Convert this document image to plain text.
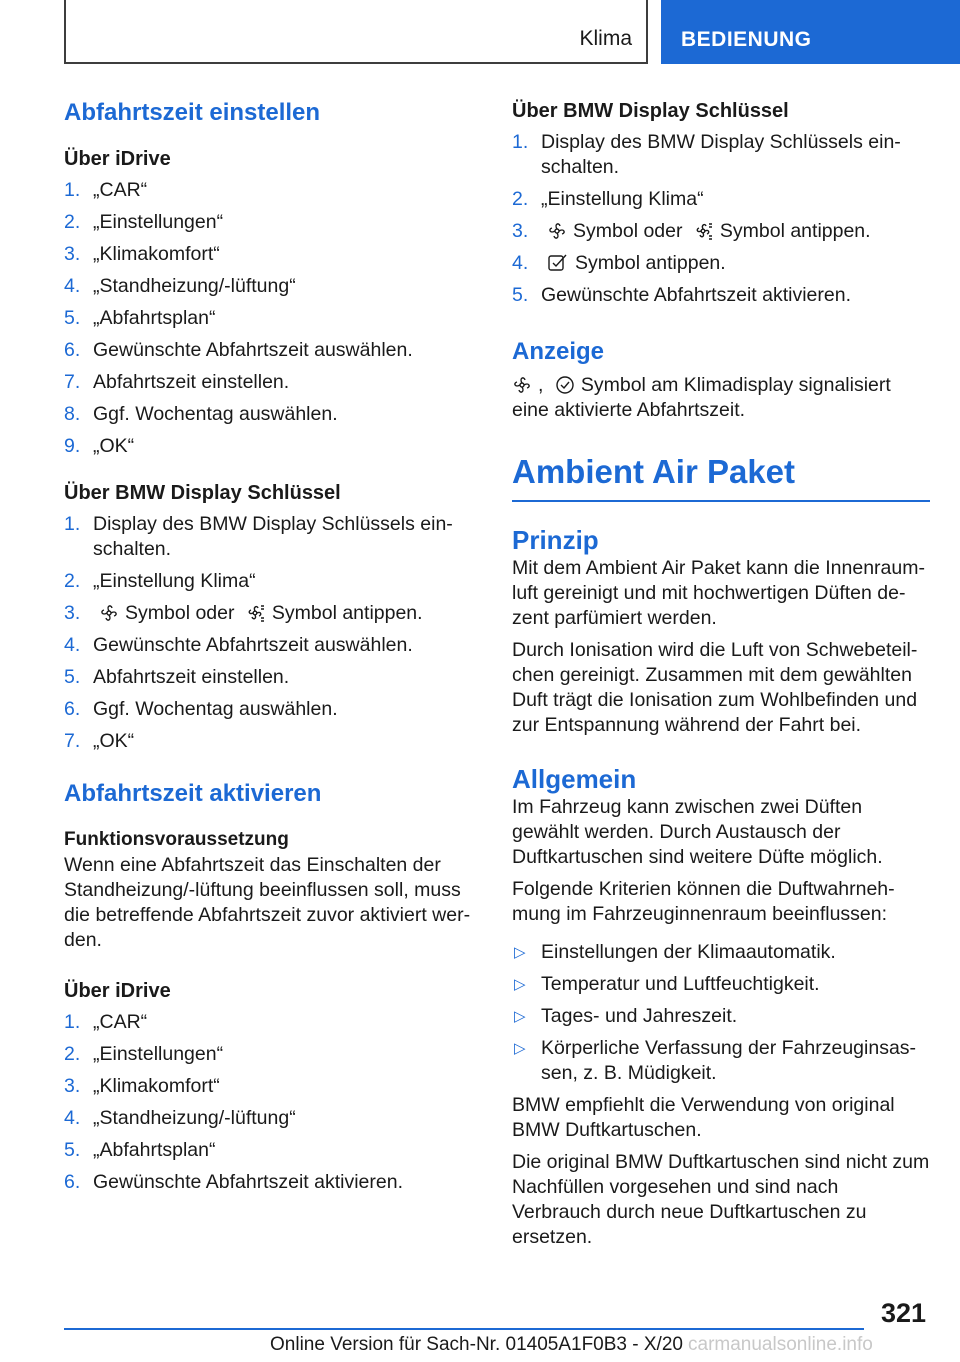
Klima BEDIENUNG
Abfahrtszeit einstellen
Über iDrive
1. „CAR“
2. „Einstellungen“
3. „Klimakomfort“
4. „Standheizung/-lüftung“
5. „Abfahrtsplan“
6. Gewünschte Abfahrtszeit auswählen.
7. Abfahrtszeit einstellen.
8. Ggf. Wochentag auswählen.
9. „OK“
Über BMW Display Schlüssel
1. Display des BMW Display Schlüssels ein-schalten.
2. „Einstellung Klima“
3. Symbol oder Symbol antippen.
4. Gewünschte Abfahrtszeit auswählen.
5. Abfahrtszeit einstellen.
6. Ggf. Wochentag auswählen.
7. „OK“
Abfahrtszeit aktivieren
Funktionsvoraussetzung

Wenn eine Abfahrtszeit das Einschalten der Standheizung/-lüftung beeinflussen soll, muss die betreffende Abfahrtszeit zuvor aktiviert wer-den.

Über iDrive
1. „CAR“
2. „Einstellungen“
3. „Klimakomfort“
4. „Standheizung/-lüftung“
5. „Abfahrtsplan“
6. Gewünschte Abfahrtszeit aktivieren.
Über BMW Display Schlüssel
1. Display des BMW Display Schlüssels ein-schalten.
2. „Einstellung Klima“
3. Symbol oder Symbol antippen.
4. Symbol antippen.
5. Gewünschte Abfahrtszeit aktivieren.
Anzeige

, Symbol am Klimadisplay signalisiert eine aktivierte Abfahrtszeit.

Ambient Air Paket
Prinzip

Mit dem Ambient Air Paket kann die Innenraum-luft gereinigt und mit hochwertigen Düften de-zent parfümiert werden.

Durch Ionisation wird die Luft von Schwebeteil-chen gereinigt. Zusammen mit dem gewählten Duft trägt die Ionisation zum Wohlbefinden und zur Entspannung während der Fahrt bei.

Allgemein

Im Fahrzeug kann zwischen zwei Düften gewählt werden. Durch Austausch der Duftkartuschen sind weitere Düfte möglich.

Folgende Kriterien können die Duftwahrneh-mung im Fahrzeuginnenraum beeinflussen:

▷ Einstellungen der Klimaautomatik.
▷ Temperatur und Luftfeuchtigkeit.
▷ Tages- und Jahreszeit.
▷ Körperliche Verfassung der Fahrzeuginsas-sen, z. B. Müdigkeit.

BMW empfiehlt die Verwendung von original BMW Duftkartuschen.

Die original BMW Duftkartuschen sind nicht zum Nachfüllen vorgesehen und sind nach Verbrauch durch neue Duftkartuschen zu ersetzen.

321
Online Version für Sach-Nr. 01405A1F0B3 - X/20 carmanualsonline.info
